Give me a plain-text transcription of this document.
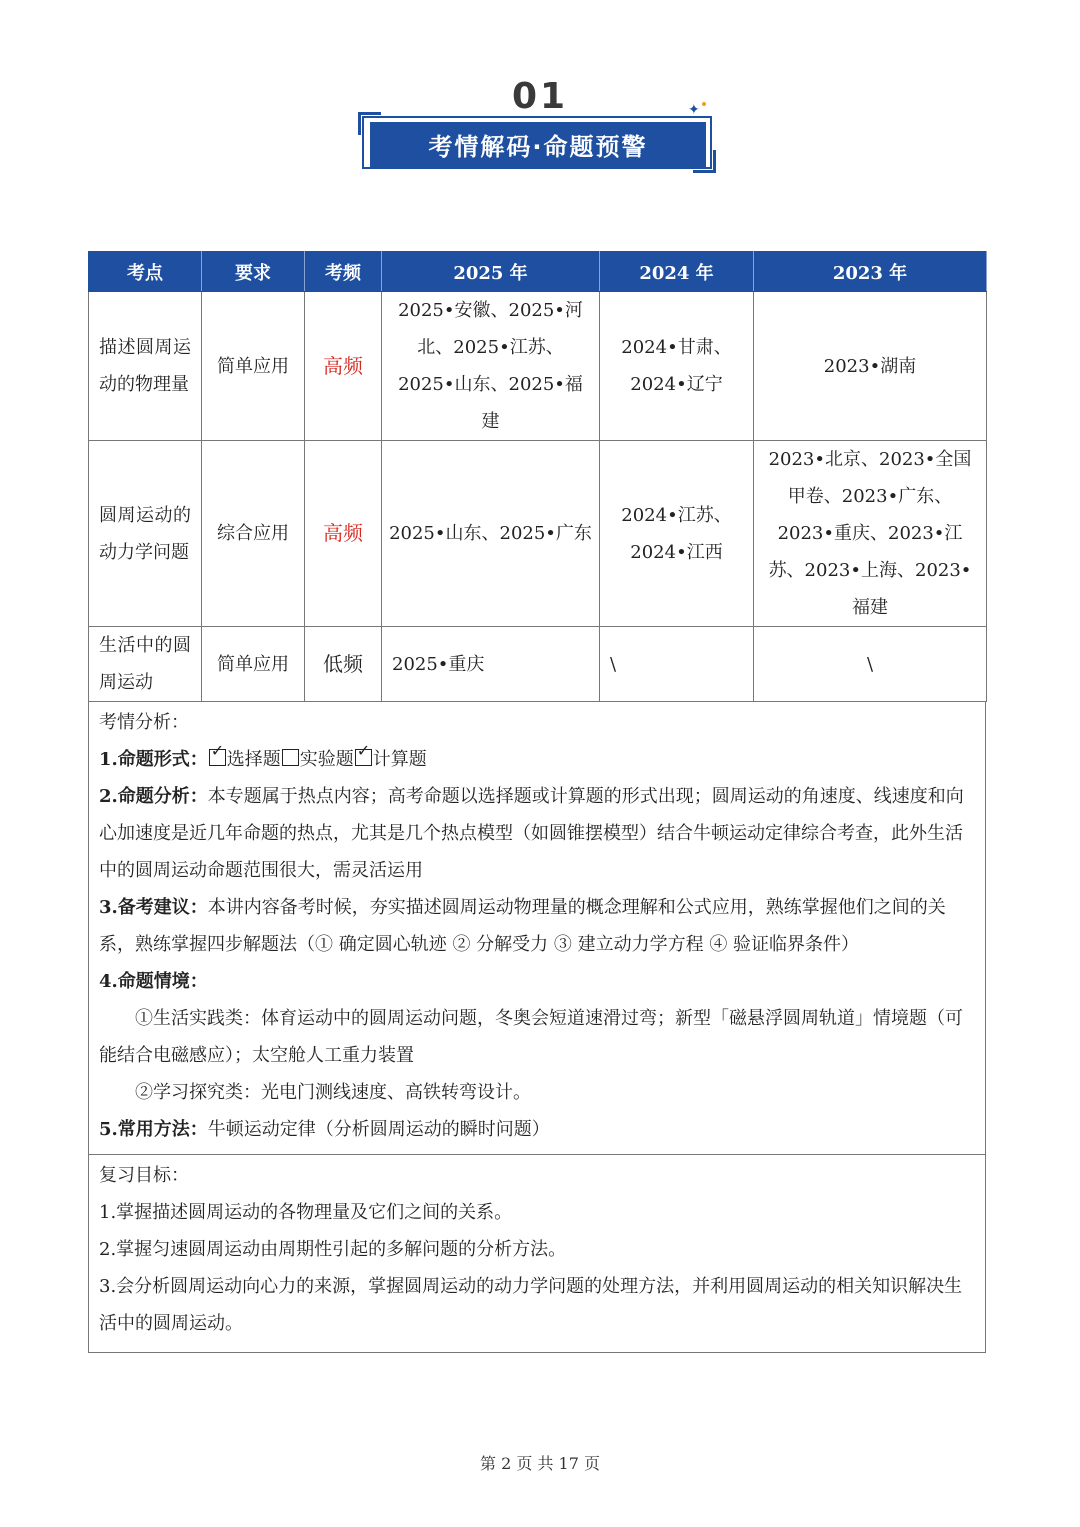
01	✦
考情解码·命题预警
考点	要求	考频	2025 年	2024 年	2023 年
描述圆周运动的物理量	简单应用	高频	2025•安徽、2025•河北、2025•江苏、2025•山东、2025•福建	2024•甘肃、2024•辽宁	2023•湖南
圆周运动的动力学问题	综合应用	高频	2025•山东、2025•广东	2024•江苏、2024•江西	2023•北京、2023•全国甲卷、2023•广东、2023•重庆、2023•江苏、2023•上海、2023•福建
生活中的圆周运动	简单应用	低频	2025•重庆	\	\

考情分析：

1.命题形式： ✓ 选择题 实验题 ✓ 计算题

2.命题分析：本专题属于热点内容；高考命题以选择题或计算题的形式出现；圆周运动的角速度、线速度和向心加速度是近几年命题的热点，尤其是几个热点模型（如圆锥摆模型）结合牛顿运动定律综合考查，此外生活中的圆周运动命题范围很大，需灵活运用

3.备考建议：本讲内容备考时候，夯实描述圆周运动物理量的概念理解和公式应用，熟练掌握他们之间的关系，熟练掌握四步解题法（① 确定圆心轨迹 ② 分解受力 ③ 建立动力学方程 ④ 验证临界条件）

4.命题情境：

①生活实践类：体育运动中的圆周运动问题，冬奥会短道速滑过弯；新型「磁悬浮圆周轨道」情境题（可能结合电磁感应）；太空舱人工重力装置

②学习探究类：光电门测线速度、高铁转弯设计。

5.常用方法：牛顿运动定律（分析圆周运动的瞬时问题）

复习目标：

1.掌握描述圆周运动的各物理量及它们之间的关系。

2.掌握匀速圆周运动由周期性引起的多解问题的分析方法。

3.会分析圆周运动向心力的来源，掌握圆周运动的动力学问题的处理方法，并利用圆周运动的相关知识解决生活中的圆周运动。

第 2 页 共 17 页
